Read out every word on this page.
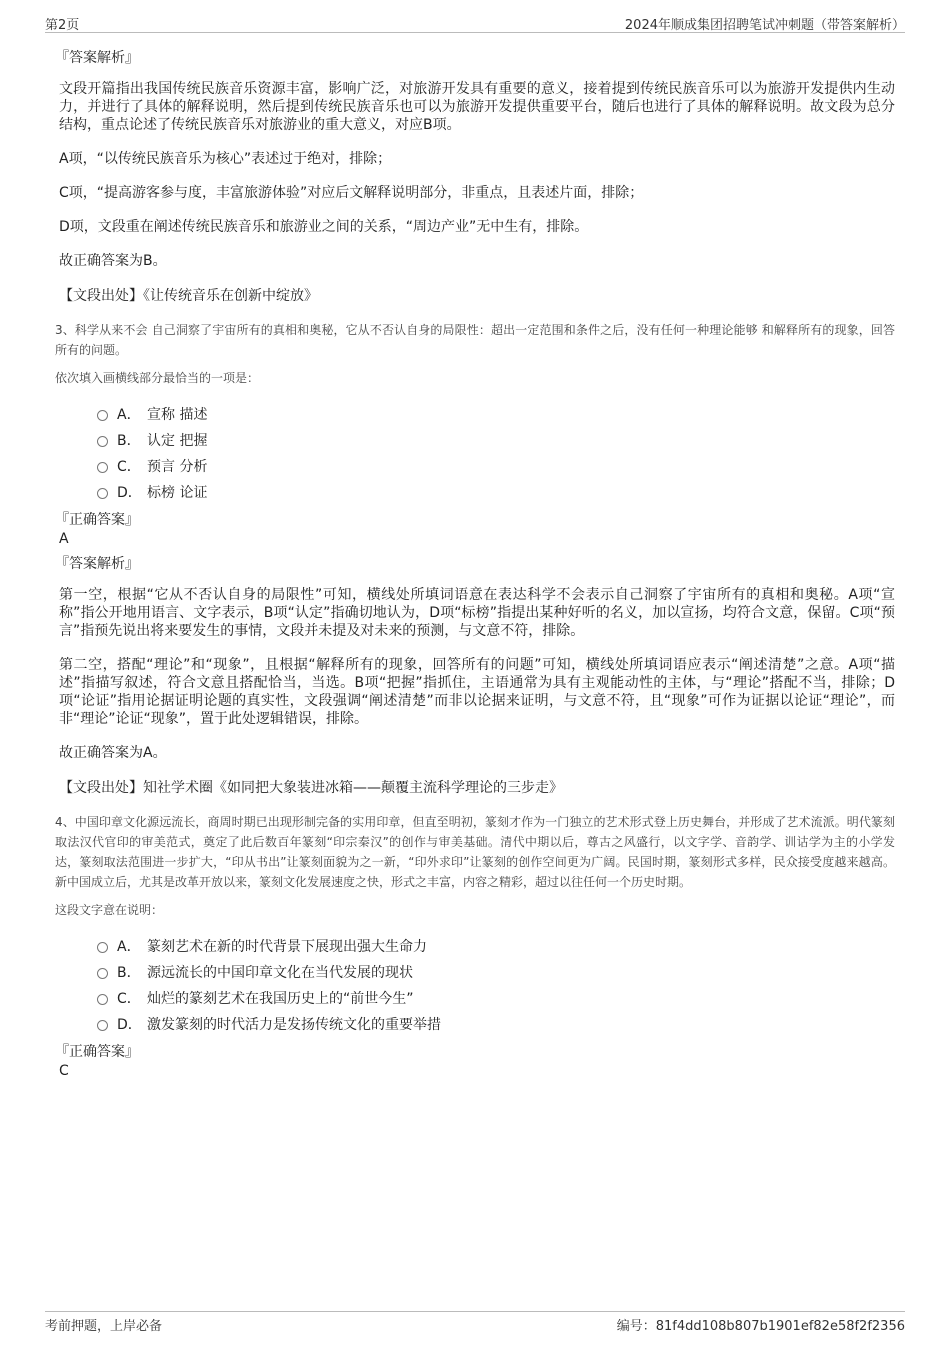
第2页	2024年顺成集团招聘笔试冲刺题（带答案解析）
『答案解析』
文段开篇指出我国传统民族音乐资源丰富，影响广泛，对旅游开发具有重要的意义，接着提到传统民族音乐可以为旅游开发提供内生动力，并进行了具体的解释说明，然后提到传统民族音乐也可以为旅游开发提供重要平台，随后也进行了具体的解释说明。故文段为总分结构，重点论述了传统民族音乐对旅游业的重大意义，对应B项。
A项，“以传统民族音乐为核心”表述过于绝对，排除；
C项，“提高游客参与度，丰富旅游体验”对应后文解释说明部分，非重点，且表述片面，排除；
D项，文段重在阐述传统民族音乐和旅游业之间的关系，“周边产业”无中生有，排除。
故正确答案为B。
【文段出处】《让传统音乐在创新中绽放》
3、科学从来不会 自己洞察了宇宙所有的真相和奥秘，它从不否认自身的局限性：超出一定范围和条件之后，没有任何一种理论能够 和解释所有的现象，回答所有的问题。
依次填入画横线部分最恰当的一项是：
A． 宣称 描述
B． 认定 把握
C． 预言 分析
D． 标榜 论证
『正确答案』
A
『答案解析』
第一空，根据“它从不否认自身的局限性”可知，横线处所填词语意在表达科学不会表示自己洞察了宇宙所有的真相和奥秘。A项“宣称”指公开地用语言、文字表示，B项“认定”指确切地认为，D项“标榜”指提出某种好听的名义，加以宣扬，均符合文意，保留。C项“预言”指预先说出将来要发生的事情，文段并未提及对未来的预测，与文意不符，排除。
第二空，搭配“理论”和“现象”，且根据“解释所有的现象，回答所有的问题”可知，横线处所填词语应表示“阐述清楚”之意。A项“描述”指描写叙述，符合文意且搭配恰当，当选。B项“把握”指抓住，主语通常为具有主观能动性的主体，与“理论”搭配不当，排除；D项“论证”指用论据证明论题的真实性，文段强调“阐述清楚”而非以论据来证明，与文意不符，且“现象”可作为证据以论证“理论”，而非“理论”论证“现象”，置于此处逻辑错误，排除。
故正确答案为A。
【文段出处】知社学术圈《如同把大象装进冰箱——颠覆主流科学理论的三步走》
4、中国印章文化源远流长，商周时期已出现形制完备的实用印章，但直至明初，篆刻才作为一门独立的艺术形式登上历史舞台，并形成了艺术流派。明代篆刻取法汉代官印的审美范式，奠定了此后数百年篆刻“印宗秦汉”的创作与审美基础。清代中期以后，尊古之风盛行，以文字学、音韵学、训诂学为主的小学发达，篆刻取法范围进一步扩大，“印从书出”让篆刻面貌为之一新，“印外求印”让篆刻的创作空间更为广阔。民国时期，篆刻形式多样，民众接受度越来越高。新中国成立后，尤其是改革开放以来，篆刻文化发展速度之快，形式之丰富，内容之精彩，超过以往任何一个历史时期。
这段文字意在说明：
A． 篆刻艺术在新的时代背景下展现出强大生命力
B． 源远流长的中国印章文化在当代发展的现状
C． 灿烂的篆刻艺术在我国历史上的“前世今生”
D． 激发篆刻的时代活力是发扬传统文化的重要举措
『正确答案』
C
考前押题，上岸必备	编号：81f4dd108b807b1901ef82e58f2f2356
